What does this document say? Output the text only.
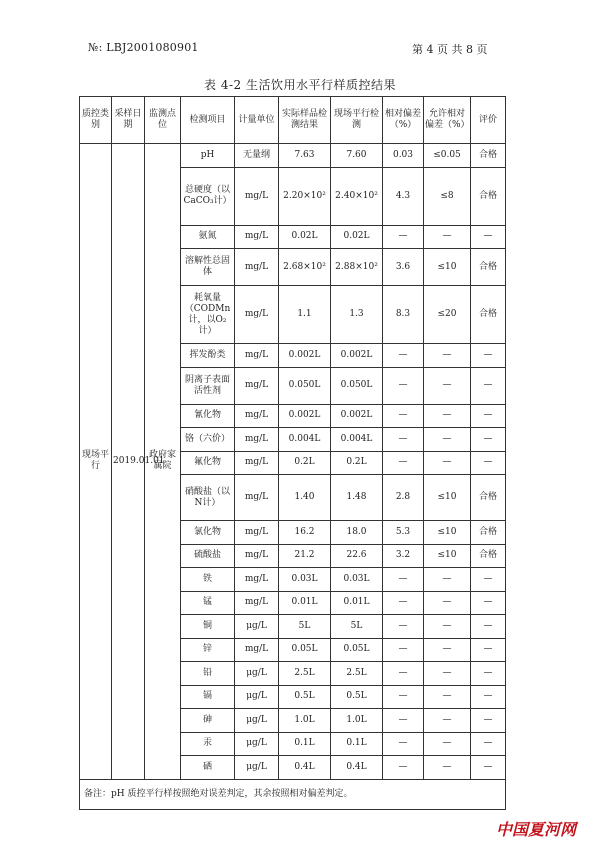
№: LBJ2001080901	第 4 页 共 8 页
表 4-2 生活饮用水平行样质控结果
质控类别	采样日期	监测点位	检测项目	计量单位	实际样品检测结果	现场平行检测	相对偏差（%）	允许相对偏差（%）	评价
现场平行	2019.01.01	政府家属院	pH	无量纲	7.63	7.60	0.03	≤0.05	合格
			总硬度（以CaCO₃计）	mg/L	2.20×10²	2.40×10²	4.3	≤8	合格
			氨氮	mg/L	0.02L	0.02L	—	—	—
			溶解性总固体	mg/L	2.68×10²	2.88×10²	3.6	≤10	合格
			耗氧量（CODMn计，以O₂计）	mg/L	1.1	1.3	8.3	≤20	合格
			挥发酚类	mg/L	0.002L	0.002L	—	—	—
			阴离子表面活性剂	mg/L	0.050L	0.050L	—	—	—
			氰化物	mg/L	0.002L	0.002L	—	—	—
			铬（六价）	mg/L	0.004L	0.004L	—	—	—
			氟化物	mg/L	0.2L	0.2L	—	—	—
			硝酸盐（以N计）	mg/L	1.40	1.48	2.8	≤10	合格
			氯化物	mg/L	16.2	18.0	5.3	≤10	合格
			硫酸盐	mg/L	21.2	22.6	3.2	≤10	合格
			铁	mg/L	0.03L	0.03L	—	—	—
			锰	mg/L	0.01L	0.01L	—	—	—
			铜	μg/L	5L	5L	—	—	—
			锌	mg/L	0.05L	0.05L	—	—	—
			铅	μg/L	2.5L	2.5L	—	—	—
			镉	μg/L	0.5L	0.5L	—	—	—
			砷	μg/L	1.0L	1.0L	—	—	—
			汞	μg/L	0.1L	0.1L	—	—	—
			硒	μg/L	0.4L	0.4L	—	—	—
备注：pH 质控平行样按照绝对误差判定，其余按照相对偏差判定。									
中国夏河网
